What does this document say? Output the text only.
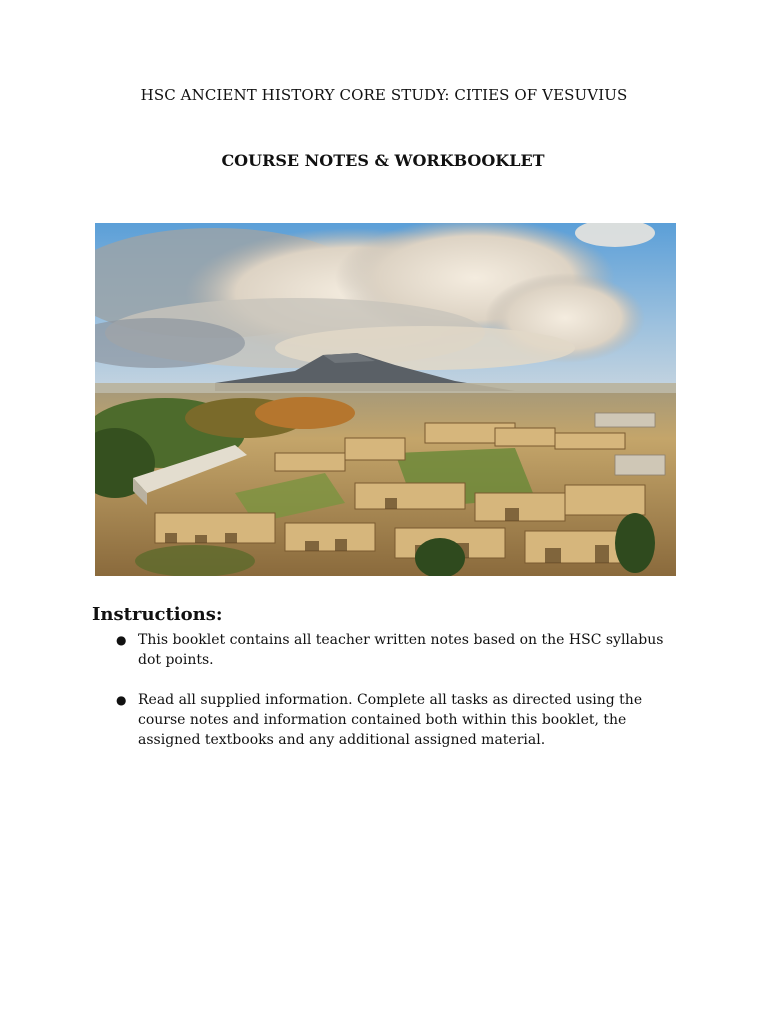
HSC ANCIENT HISTORY CORE STUDY: CITIES OF VESUVIUS
COURSE NOTES & WORKBOOKLET
Instructions:
● This booklet contains all teacher written notes based on the HSC syllabus dot points.
● Read all supplied information. Complete all tasks as directed using the course notes and information contained both within this booklet, the assigned textbooks and any additional assigned material.
